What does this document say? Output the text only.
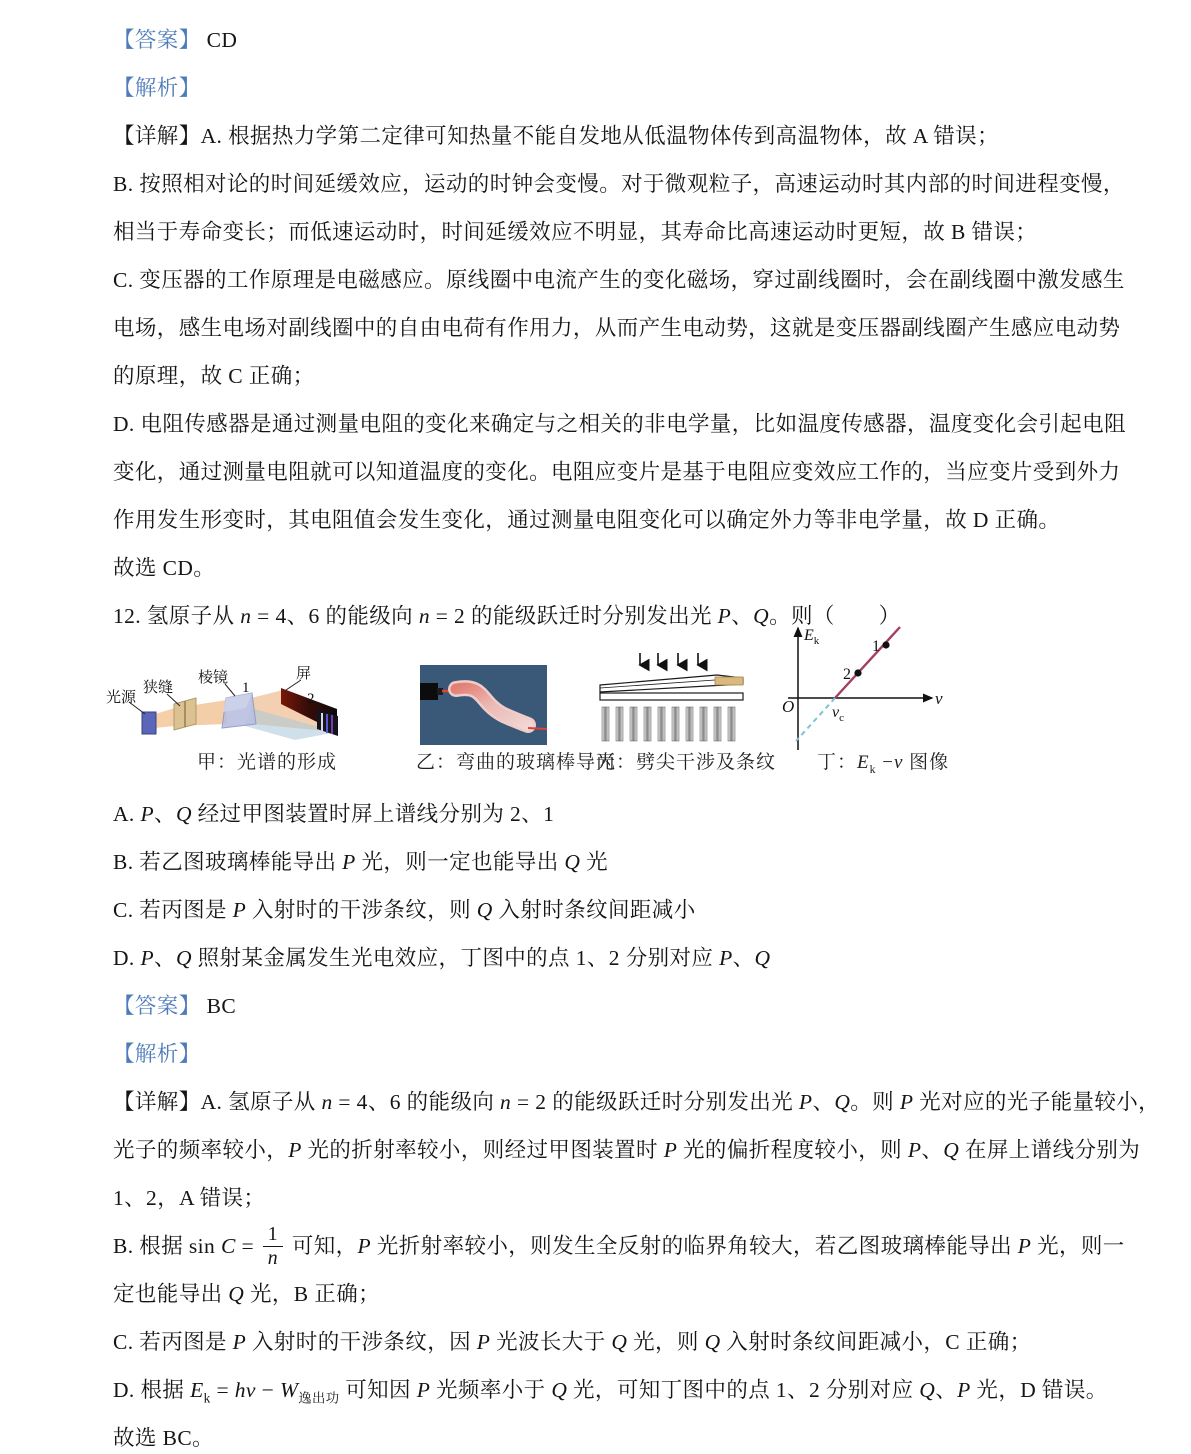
【答案】 CD
【解析】
【详解】A. 根据热力学第二定律可知热量不能自发地从低温物体传到高温物体，故 A 错误；
B. 按照相对论的时间延缓效应，运动的时钟会变慢。对于微观粒子，高速运动时其内部的时间进程变慢，
相当于寿命变长；而低速运动时，时间延缓效应不明显，其寿命比高速运动时更短，故 B 错误；
C. 变压器的工作原理是电磁感应。原线圈中电流产生的变化磁场，穿过副线圈时，会在副线圈中激发感生
电场，感生电场对副线圈中的自由电荷有作用力，从而产生电动势，这就是变压器副线圈产生感应电动势
的原理，故 C 正确；
D. 电阻传感器是通过测量电阻的变化来确定与之相关的非电学量，比如温度传感器，温度变化会引起电阻
变化，通过测量电阻就可以知道温度的变化。电阻应变片是基于电阻应变效应工作的，当应变片受到外力
作用发生形变时，其电阻值会发生变化，通过测量电阻变化可以确定外力等非电学量，故 D 正确。
故选 CD。
12. 氢原子从 n = 4、6 的能级向 n = 2 的能级跃迁时分别发出光 P、Q。则（　　）
光源
狭缝
棱镜
1
屏
2
甲：光谱的形成	乙：弯曲的玻璃棒导光
丙：劈尖干涉及条纹
1
2
O
$E_k$
$\nu_c$
ν
丁：$E_k -\nu$ 图像
A. P、Q 经过甲图装置时屏上谱线分别为 2、1
B. 若乙图玻璃棒能导出 P 光，则一定也能导出 Q 光
C. 若丙图是 P 入射时的干涉条纹，则 Q 入射时条纹间距减小
D. P、Q 照射某金属发生光电效应，丁图中的点 1、2 分别对应 P、Q
【答案】 BC
【解析】
【详解】A. 氢原子从 n = 4、6 的能级向 n = 2 的能级跃迁时分别发出光 P、Q。则 P 光对应的光子能量较小，
光子的频率较小，P 光的折射率较小，则经过甲图装置时 P 光的偏折程度较小，则 P、Q 在屏上谱线分别为
1、2，A 错误；
B. 根据 $\sin C = \frac{1}{n}$ 可知，P 光折射率较小，则发生全反射的临界角较大，若乙图玻璃棒能导出 P 光，则一
定也能导出 Q 光，B 正确；
C. 若丙图是 P 入射时的干涉条纹，因 P 光波长大于 Q 光，则 Q 入射时条纹间距减小，C 正确；
D. 根据 $E_k = h\nu - W_{逸出功}$ 可知因 P 光频率小于 Q 光，可知丁图中的点 1、2 分别对应 Q、P 光，D 错误。
故选 BC。
